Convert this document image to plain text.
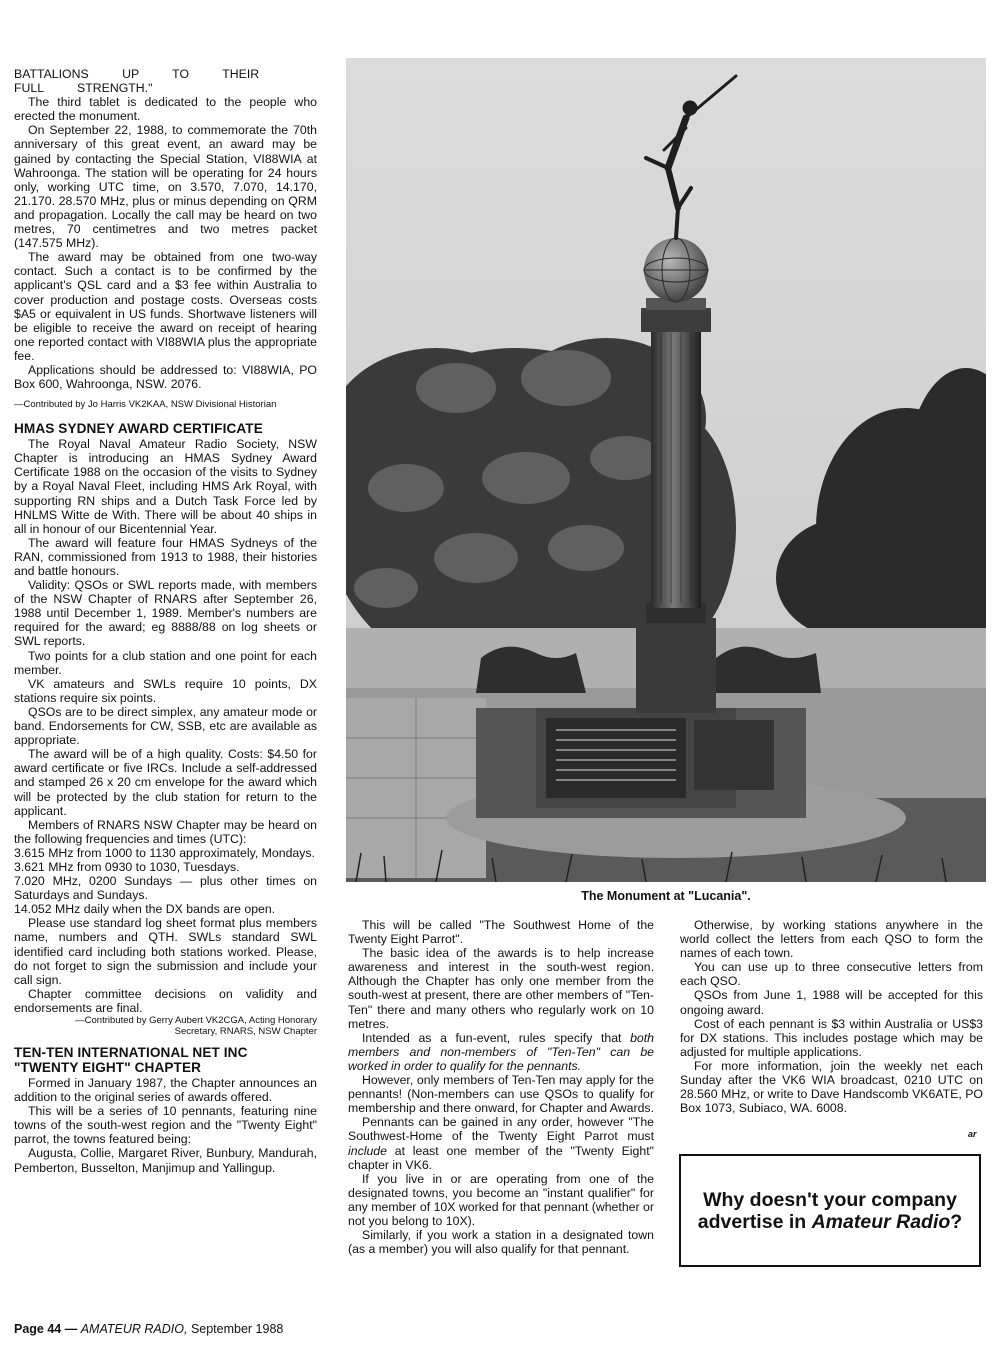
BATTALIONS UP TO THEIR FULL STRENGTH."

The third tablet is dedicated to the people who erected the monument.

On September 22, 1988, to commemorate the 70th anniversary of this great event, an award may be gained by contacting the Special Station, VI88WIA at Wahroonga. The station will be operating for 24 hours only, working UTC time, on 3.570, 7.070, 14.170, 21.170. 28.570 MHz, plus or minus depending on QRM and propagation. Locally the call may be heard on two metres, 70 centimetres and two metres packet (147.575 MHz).

The award may be obtained from one two-way contact. Such a contact is to be confirmed by the applicant's QSL card and a $3 fee within Australia to cover production and postage costs. Overseas costs $A5 or equivalent in US funds. Shortwave listeners will be eligible to receive the award on receipt of hearing one reported contact with VI88WIA plus the appropriate fee.

Applications should be addressed to: VI88WIA, PO Box 600, Wahroonga, NSW. 2076.

—Contributed by Jo Harris VK2KAA, NSW Divisional Historian

HMAS SYDNEY AWARD CERTIFICATE

The Royal Naval Amateur Radio Society, NSW Chapter is introducing an HMAS Sydney Award Certificate 1988 on the occasion of the visits to Sydney by a Royal Naval Fleet, including HMS Ark Royal, with supporting RN ships and a Dutch Task Force led by HNLMS Witte de With. There will be about 40 ships in all in honour of our Bicentennial Year.

The award will feature four HMAS Sydneys of the RAN, commissioned from 1913 to 1988, their histories and battle honours.

Validity: QSOs or SWL reports made, with members of the NSW Chapter of RNARS after September 26, 1988 until December 1, 1989. Member's numbers are required for the award; eg 8888/88 on log sheets or SWL reports.

Two points for a club station and one point for each member.

VK amateurs and SWLs require 10 points, DX stations require six points.

QSOs are to be direct simplex, any amateur mode or band. Endorsements for CW, SSB, etc are available as appropriate.

The award will be of a high quality. Costs: $4.50 for award certificate or five IRCs. Include a self-addressed and stamped 26 x 20 cm envelope for the award which will be protected by the club station for return to the applicant.

Members of RNARS NSW Chapter may be heard on the following frequencies and times (UTC):

3.615 MHz from 1000 to 1130 approximately, Mondays.

3.621 MHz from 0930 to 1030, Tuesdays.

7.020 MHz, 0200 Sundays — plus other times on Saturdays and Sundays.

14.052 MHz daily when the DX bands are open.

Please use standard log sheet format plus members name, numbers and QTH. SWLs standard SWL identified card including both stations worked. Please, do not forget to sign the submission and include your call sign.

Chapter committee decisions on validity and endorsements are final.

—Contributed by Gerry Aubert VK2CGA, Acting Honorary
Secretary, RNARS, NSW Chapter

TEN-TEN INTERNATIONAL NET INC
"TWENTY EIGHT" CHAPTER

Formed in January 1987, the Chapter announces an addition to the original series of awards offered.

This will be a series of 10 pennants, featuring nine towns of the south-west region and the "Twenty Eight" parrot, the towns featured being:

Augusta, Collie, Margaret River, Bunbury, Mandurah, Pemberton, Busselton, Manjimup and Yallingup.

The Monument at "Lucania".

This will be called "The Southwest Home of the Twenty Eight Parrot".

The basic idea of the awards is to help increase awareness and interest in the south-west region. Although the Chapter has only one member from the south-west at present, there are other members of "Ten-Ten" there and many others who regularly work on 10 metres.

Intended as a fun-event, rules specify that both members and non-members of "Ten-Ten" can be worked in order to qualify for the pennants.

However, only members of Ten-Ten may apply for the pennants! (Non-members can use QSOs to qualify for membership and there onward, for Chapter and Awards.

Pennants can be gained in any order, however "The Southwest-Home of the Twenty Eight Parrot must include at least one member of the "Twenty Eight" chapter in VK6.

If you live in or are operating from one of the designated towns, you become an "instant qualifier" for any member of 10X worked for that pennant (whether or not you belong to 10X).

Similarly, if you work a station in a designated town (as a member) you will also qualify for that pennant.

Otherwise, by working stations anywhere in the world collect the letters from each QSO to form the names of each town.

You can use up to three consecutive letters from each QSO.

QSOs from June 1, 1988 will be accepted for this ongoing award.

Cost of each pennant is $3 within Australia or US$3 for DX stations. This includes postage which may be adjusted for multiple applications.

For more information, join the weekly net each Sunday after the VK6 WIA broadcast, 0210 UTC on 28.560 MHz, or write to Dave Handscomb VK6ATE, PO Box 1073, Subiaco, WA. 6008.

ar
Why doesn't your company
advertise in Amateur Radio?
Page 44 — AMATEUR RADIO, September 1988
